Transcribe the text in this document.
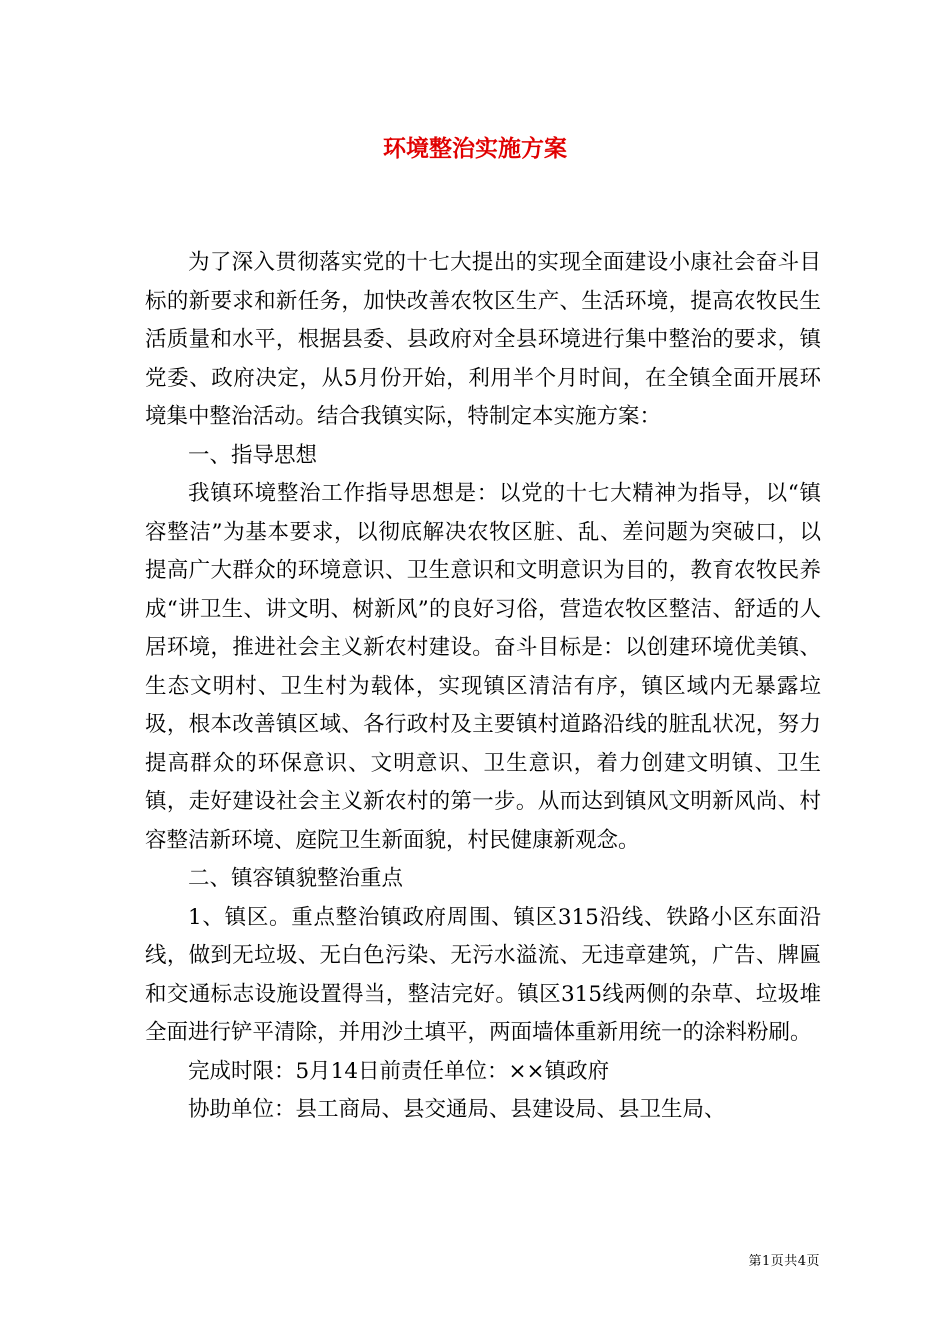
环境整治实施方案

为了深入贯彻落实党的十七大提出的实现全面建设小康社会奋斗目标的新要求和新任务，加快改善农牧区生产、生活环境，提高农牧民生活质量和水平，根据县委、县政府对全县环境进行集中整治的要求，镇党委、政府决定，从5月份开始，利用半个月时间，在全镇全面开展环境集中整治活动。结合我镇实际，特制定本实施方案：

一、指导思想

我镇环境整治工作指导思想是：以党的十七大精神为指导，以“镇容整洁”为基本要求，以彻底解决农牧区脏、乱、差问题为突破口，以提高广大群众的环境意识、卫生意识和文明意识为目的，教育农牧民养成“讲卫生、讲文明、树新风”的良好习俗，营造农牧区整洁、舒适的人居环境，推进社会主义新农村建设。奋斗目标是：以创建环境优美镇、生态文明村、卫生村为载体，实现镇区清洁有序，镇区域内无暴露垃圾，根本改善镇区域、各行政村及主要镇村道路沿线的脏乱状况，努力提高群众的环保意识、文明意识、卫生意识，着力创建文明镇、卫生镇，走好建设社会主义新农村的第一步。从而达到镇风文明新风尚、村容整洁新环境、庭院卫生新面貌，村民健康新观念。

二、镇容镇貌整治重点

1、镇区。重点整治镇政府周围、镇区315沿线、铁路小区东面沿线，做到无垃圾、无白色污染、无污水溢流、无违章建筑，广告、牌匾和交通标志设施设置得当，整洁完好。镇区315线两侧的杂草、垃圾堆全面进行铲平清除，并用沙土填平，两面墙体重新用统一的涂料粉刷。

完成时限：5月14日前责任单位：××镇政府

协助单位：县工商局、县交通局、县建设局、县卫生局、

第1页共4页
